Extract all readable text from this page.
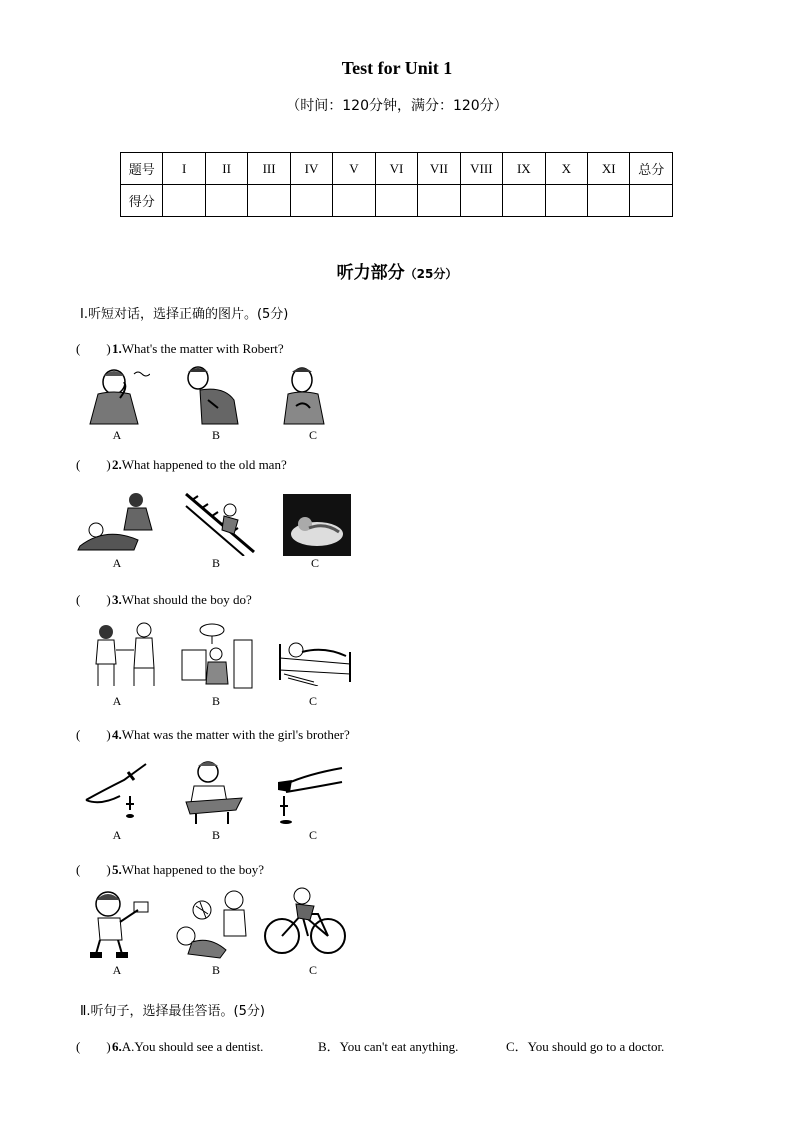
Test for Unit 1
（时间：120分钟，满分：120分）
题号	I	II	III	IV	V	VI	VII	VIII	IX	X	XI	总分
得分												
听力部分（25分）
Ⅰ.听短对话，选择正确的图片。(5分)
(　　)1.What's the matter with Robert?
A	B	C
(　　)2.What happened to the old man?
A	B	C
(　　)3.What should the boy do?
A	B	C
(　　)4.What was the matter with the girl's brother?
A	B	C
(　　)5.What happened to the boy?
A	B	C
Ⅱ.听句子，选择最佳答语。(5分)
(　　)6.A.You should see a dentist.	B．You can't eat anything.	C．You should go to a doctor.
